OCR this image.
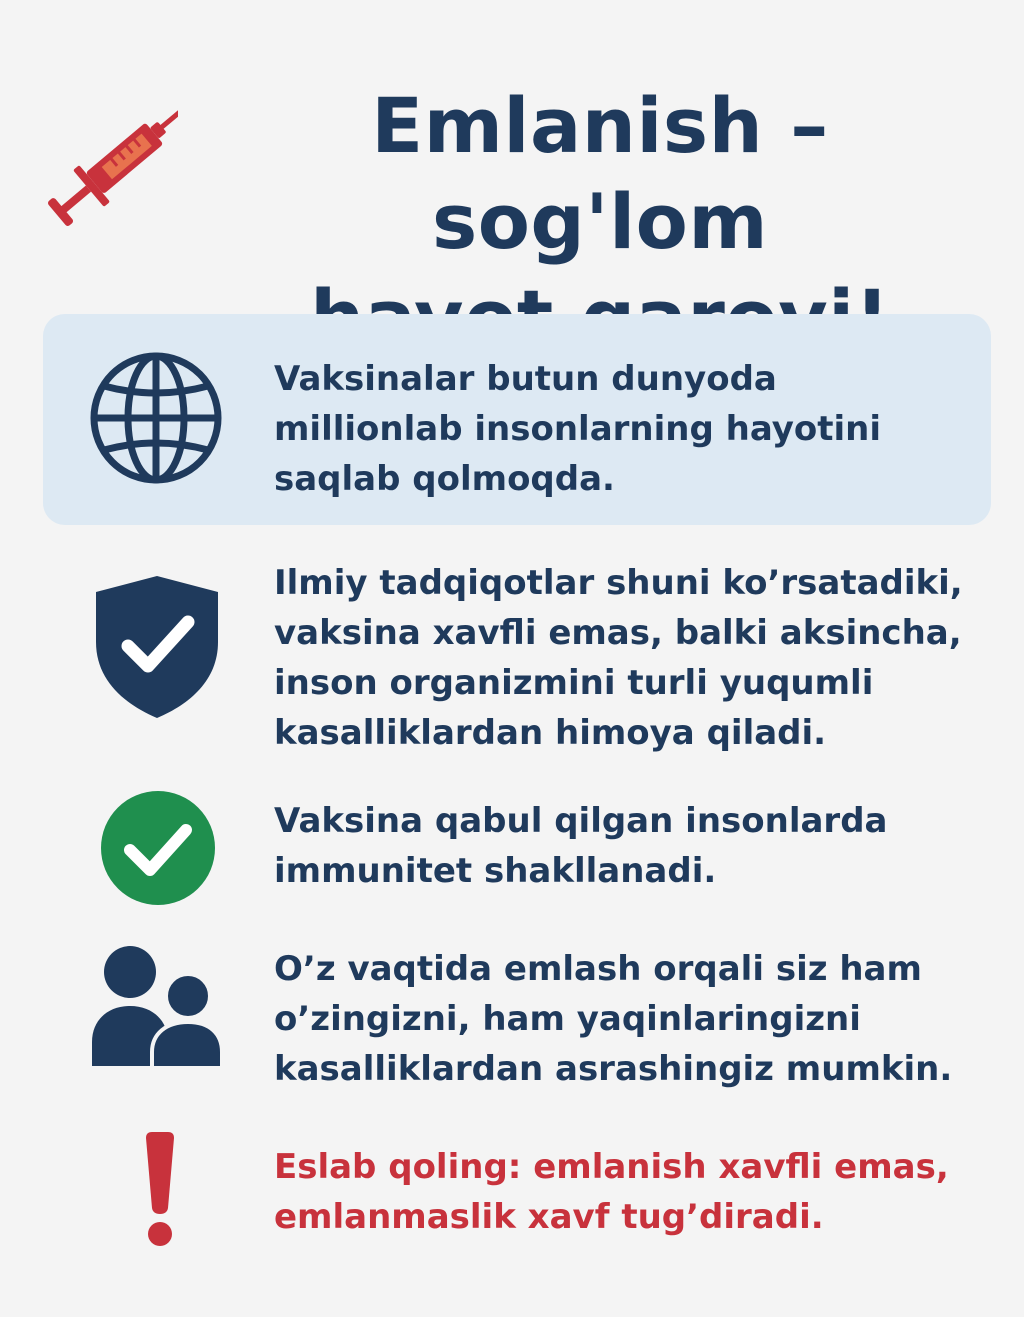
Emlanish – sog'lom

Vaksinalar butun dunyoda
millionlab insonlarning hayotini
saqlab qolmoqda.

Ilmiy tadqiqotlar shuni ko’rsatadiki,
vaksina xavfli emas, balki aksincha,
inson organizmini turli yuqumli
kasalliklardan himoya qiladi.

Vaksina qabul qilgan insonlarda
immunitet shakllanadi.

O’z vaqtida emlash orqali siz ham
o’zingizni, ham yaqinlaringizni
kasalliklardan asrashingiz mumkin.

Eslab qoling: emlanish xavfli emas,
emlanmaslik xavf tug’diradi.
